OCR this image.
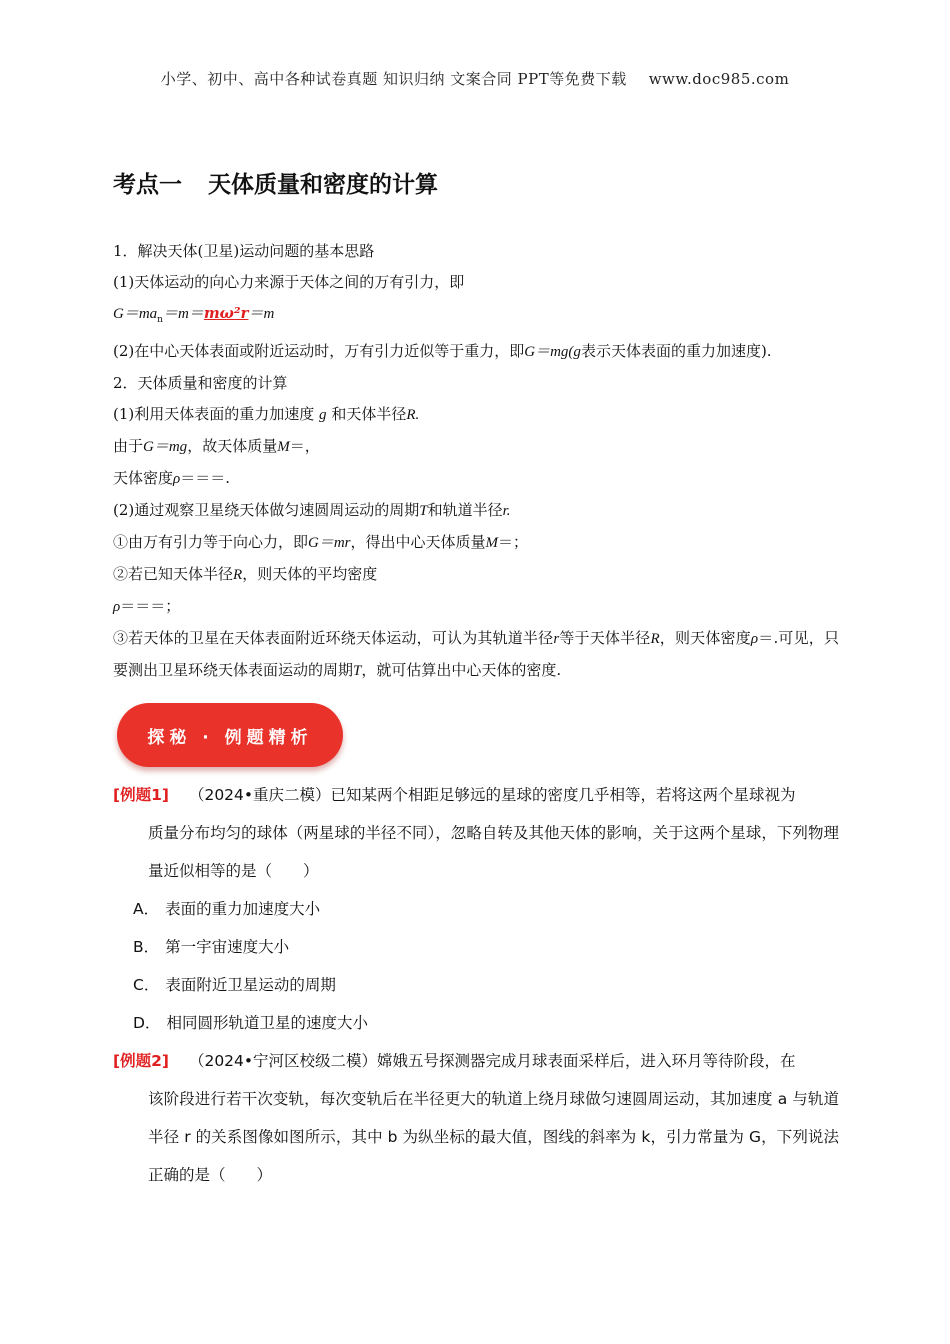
小学、初中、高中各种试卷真题 知识归纳 文案合同 PPT等免费下载 www.doc985.com
考点一 天体质量和密度的计算

1．解决天体(卫星)运动问题的基本思路

(1)天体运动的向心力来源于天体之间的万有引力，即

$G=ma_n=m=m\omega^2r=m$

(2)在中心天体表面或附近运动时，万有引力近似等于重力，即G＝mg(g表示天体表面的重力加速度).

2．天体质量和密度的计算

(1)利用天体表面的重力加速度 g 和天体半径R.

由于G＝mg，故天体质量M＝，

天体密度ρ＝＝＝.

(2)通过观察卫星绕天体做匀速圆周运动的周期T和轨道半径r.

①由万有引力等于向心力，即G＝mr，得出中心天体质量M＝；

②若已知天体半径R，则天体的平均密度

ρ＝＝＝；

③若天体的卫星在天体表面附近环绕天体运动，可认为其轨道半径r等于天体半径R，则天体密度ρ＝.可见，只要测出卫星环绕天体表面运动的周期T，就可估算出中心天体的密度.

探秘 · 例题精析
[例题1] （2024•重庆二模）已知某两个相距足够远的星球的密度几乎相等，若将这两个星球视为
质量分布均匀的球体（两星球的半径不同），忽略自转及其他天体的影响，关于这两个星球，下列物理量近似相等的是（　　）
A． 表面的重力加速度大小
B． 第一宇宙速度大小
C． 表面附近卫星运动的周期
D． 相同圆形轨道卫星的速度大小
[例题2] （2024•宁河区校级二模）嫦娥五号探测器完成月球表面采样后，进入环月等待阶段，在
该阶段进行若干次变轨，每次变轨后在半径更大的轨道上绕月球做匀速圆周运动，其加速度 a 与轨道半径 r 的关系图像如图所示，其中 b 为纵坐标的最大值，图线的斜率为 k，引力常量为 G，下列说法正确的是（　　）
